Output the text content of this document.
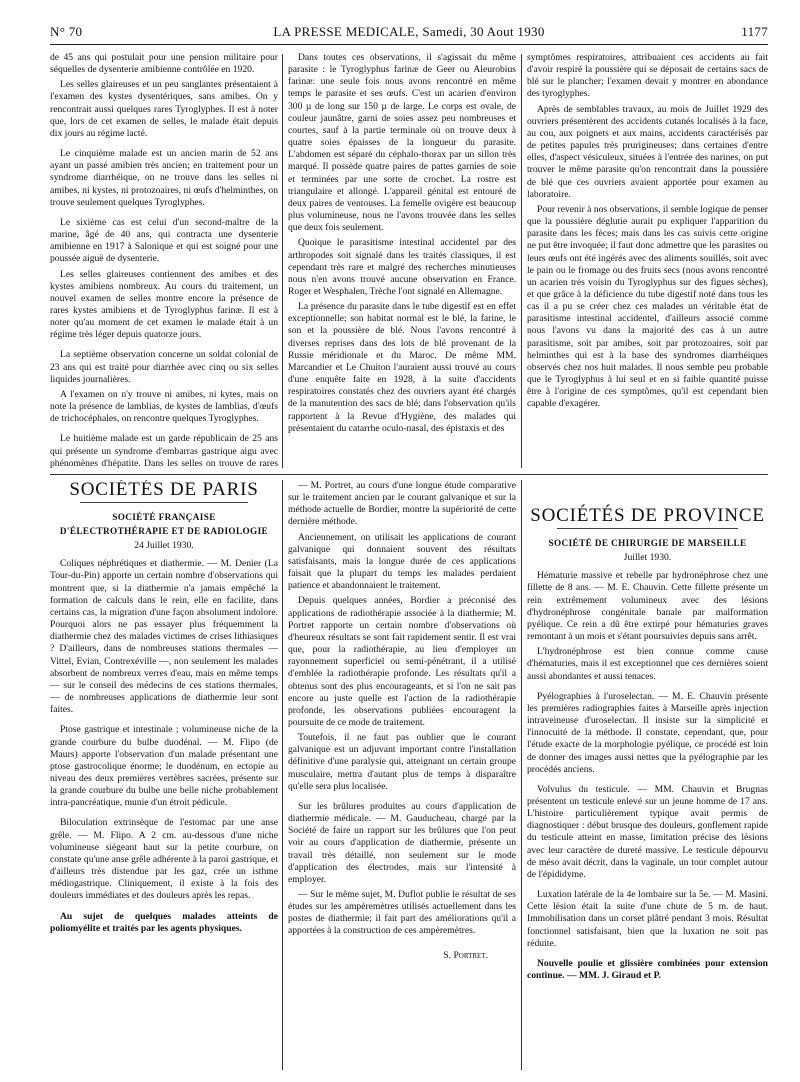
N° 70	LA PRESSE MEDICALE, Samedi, 30 Aout 1930	1177

de 45 ans qui postulait pour une pension militaire pour séquelles de dysenterie amibienne contrôlée en 1920.

Les selles glaireuses et un peu sanglantes présentaient à l'examen des kystes dysentériques, sans amibes. On y rencontrait aussi quelques rares Tyroglyphes. Il est à noter que, lors de cet examen de selles, le malade était depuis dix jours au régime lacté.

Le cinquième malade est un ancien marin de 52 ans ayant un passé amibien très ancien; en traitement pour un syndrome diarrhéique, on ne trouve dans les selles ni amibes, ni kystes, ni protozoaires, ni œufs d'helminthes, on trouve seulement quelques Tyroglyphes.

Le sixième cas est celui d'un second-maître de la marine, âgé de 40 ans, qui contracta une dysenterie amibienne en 1917 à Salonique et qui est soigné pour une poussée aiguë de dysenterie.

Les selles glaireuses contiennent des amibes et des kystes amibiens nombreux. Au cours du traitement, un nouvel examen de selles montre encore la présence de rares kystes amibiens et de Tyroglyphus farinæ. Il est à noter qu'au moment de cet examen le malade était à un régime très léger depuis quatorze jours.

La septième observation concerne un soldat colonial de 23 ans qui est traité pour diarrhée avec cinq ou six selles liquides journalières.

A l'examen on n'y trouve ni amibes, ni kytes, mais on note la présence de lamblias, de kystes de lamblias, d'œufs de trichocéphales, on rencontre quelques Tyroglyphes.

Le huitième malade est un garde républicain de 25 ans qui présente un syndrome d'embarras gastrique aigu avec phénomènes d'hépatite. Dans les selles on trouve de rares

Dans toutes ces observations, il s'agissait du même parasite : le Tyroglyphus farinæ de Geer ou Aleurobius farinæ: une seule fois nous avons rencontré en même temps le parasite et ses œufs. C'est un acarien d'environ 300 µ de long sur 150 µ de large. Le corps est ovale, de couleur jaunâtre, garni de soies assez peu nombreuses et courtes, sauf à la partie terminale où on trouve deux à quatre soies épaisses de la longueur du parasite. L'abdomen est séparé du céphalo-thorax par un sillon très marqué. Il possède quatre paires de pattes garnies de soie et terminées par une sorte de crochet. La rostre est triangulaire et allongé. L'appareil génital est entouré de deux paires de ventouses. La femelle ovigère est beaucoup plus volumineuse, nous ne l'avons trouvée dans les selles que deux fois seulement.

Quoique le parasitisme intestinal accidentel par des arthropodes soit signalé dans les traités classiques, il est cependant très rare et malgré des recherches minutieuses nous n'en avons trouvé aucune observation en France. Roger et Wesphalen, Trèche l'ont signalé en Allemagne.

La présence du parasite dans le tube digestif est en effet exceptionnelle; son habitat normal est le blé, la farine, le son et la poussière de blé. Nous l'avons rencontré à diverses reprises dans des lots de blé provenant de la Russie méridionale et du Maroc. De même MM. Marcandier et Le Chuiton l'auraient aussi trouvé au cours d'une enquête faite en 1928, à la suite d'accidents respiratoires constatés chez des ouvriers ayant été chargés de la manutention des sacs de blé; dans l'observation qu'ils rapportent à la Revue d'Hygiène, des malades qui présentaient du catarrhe oculo-nasal, des épistaxis et des

symptômes respiratoires, attribuaient ces accidents au fait d'avoir respiré la poussière qui se déposait de certains sacs de blé sur le plancher; l'examen devait y montrer en abondance des tyroglyphes.

Après de semblables travaux, au mois de Juillet 1929 des ouvriers présentèrent des accidents cutanés localisés à la face, au cou, aux poignets et aux mains, accidents caractérisés par de petites papules très prurigineuses; dans certaines d'entre elles, d'aspect vésiculeux, situées à l'entrée des narines, on put trouver le même parasite qu'on rencontrait dans la poussière de blé que ces ouvriers avaient apportée pour examen au laboratoire.

Pour revenir à nos observations, il semble logique de penser que la poussière déglutie aurait pu expliquer l'apparition du parasite dans les fèces; mais dans les cas suivis cette origine ne put être invoquée; il faut donc admettre que les parasites ou leurs œufs ont été ingérés avec des aliments souillés, soit avec le pain ou le fromage ou des fruits secs (nous avons rencontré un acarien très voisin du Tyroglyphus sur des figues sèches), et que grâce à la déficience du tube digestif noté dans tous les cas il a pu se créer chez ces malades un véritable état de parasitisme intestinal accidentel, d'ailleurs associé comme nous l'avons vu dans la majorité des cas à un autre parasitisme, soit par amibes, soit par protozoaires, soit par helminthes qui est à la base des syndromes diarrhéiques observés chez nos huit malades. Il nous semble peu probable que le Tyroglyphus à lui seul et en si faible quantité puisse être à l'origine de ces symptômes, qu'il est cependant bien capable d'exagérer.

SOCIÉTÉS DE PARIS
SOCIÉTÉ FRANÇAISE
D'ÉLECTROTHÉRAPIE ET DE RADIOLOGIE
24 Juillet 1930.

Coliques néphrétiques et diathermie. — M. Denier (La Tour-du-Pin) apporte un certain nombre d'observations qui montrent que, si la diathermie n'a jamais empêché la formation de calculs dans le rein, elle en facilite, dans certains cas, la migration d'une façon absolument indolore. Pourquoi alors ne pas essayer plus fréquemment la diathermie chez des malades victimes de crises lithiasiques ? D'ailleurs, dans de nombreuses stations thermales — Vittel, Evian, Contrexéville —, non seulement les malades absorbent de nombreux verres d'eau, mais en même temps — sur le conseil des médecins de ces stations thermales, — de nombreuses applications de diathermie leur sont faites.

Ptose gastrique et intestinale ; volumineuse niche de la grande courbure du bulbe duodénal. — M. Flipo (de Maurs) apporte l'observation d'un malade présentant une ptose gastrocolique énorme; le duodénum, en ectopie au niveau des deux premières vertèbres sacrées, présente sur la grande courbure du bulbe une belle niche probablement intra-pancréatique, munie d'un étroit pédicule.

Biloculation extrinsèque de l'estomac par une anse grêle. — M. Flipo. A 2 cm. au-dessous d'une niche volumineuse siégeant haut sur la petite courbure, on constate qu'une anse grêle adhérente à la paroi gastrique, et d'ailleurs très distendue par les gaz, crée un isthme médiogastrique. Cliniquement, il existe à la fois des douleurs immédiates et des douleurs après les repas.

Au sujet de quelques malades atteints de poliomyélite et traités par les agents physiques.

— M. Portret, au cours d'une longue étude comparative sur le traitement ancien par le courant galvanique et sur la méthode actuelle de Bordier, montre la supériorité de cette dernière méthode.

Anciennement, on utilisait les applications de courant galvanique qui donnaient souvent des résultats satisfaisants, mais la longue durée de ces applications faisait que la plupart du temps les malades perdaient patience et abandonnaient le traitement.

Depuis quelques années, Bordier a préconisé des applications de radiothérapie associée à la diathermie; M. Portret rapporte un certain nombre d'observations où d'heureux résultats se sont fait rapidement sentir. Il est vrai que, pour la radiothérapie, au lieu d'employer un rayonnement superficiel ou semi-pénétrant, il a utilisé d'emblée la radiothérapie profonde. Les résultats qu'il a obtenus sont des plus encourageants, et si l'on ne sait pas encore au juste quelle est l'action de la radiothérapie profonde, les observations publiées encouragent la poursuite de ce mode de traitement.

Toutefois, il ne faut pas oublier que le courant galvanique est un adjuvant important contre l'installation définitive d'une paralysie qui, atteignant un certain groupe musculaire, mettra d'autant plus de temps à disparaître qu'elle sera plus localisée.

Sur les brûlures produites au cours d'application de diathermie médicale. — M. Gauducheau, chargé par la Société de faire un rapport sur les brûlures que l'on peut voir au cours d'application de diathermie, présente un travail très détaillé, non seulement sur le mode d'application des électrodes, mais sur l'intensité à employer.

— Sur le même sujet, M. Duflot publie le résultat de ses études sur les ampèremètres utilisés actuellement dans les postes de diathermie; il fait part des améliorations qu'il a apportées à la construction de ces ampèremètres.

S. Portret.
SOCIÉTÉS DE PROVINCE
SOCIÉTÉ DE CHIRURGIE DE MARSEILLE
Juillet 1930.

Hématurie massive et rebelle par hydronéphrose chez une fillette de 8 ans. — M. E. Chauvin. Cette fillette présente un rein extrêmement volumineux avec des lésions d'hydronéphrose congénitale banale par malformation pyélique. Ce rein a dû être extirpé pour hématuries graves remontant à un mois et s'étant poursuivies depuis sans arrêt.

L'hydronéphrose est bien connue comme cause d'hématuries, mais il est exceptionnel que ces dernières soient aussi abondantes et aussi tenaces.

Pyélographies à l'uroselectan. — M. E. Chauvin présente les premières radiographies faites à Marseille après injection intraveineuse d'uroselectan. Il insiste sur la simplicité et l'innocuité de la méthode. Il constate, cependant, que, pour l'étude exacte de la morphologie pyélique, ce procédé est loin de donner des images aussi nettes que la pyélographie par les procédés anciens.

Volvulus du testicule. — MM. Chauvin et Brugnas présentent un testicule enlevé sur un jeune homme de 17 ans. L'histoire particulièrement typique avait permis de diagnostiquer : début brusque des douleurs, gonflement rapide du testicule atteint en masse, limitation précise des lésions avec leur caractère de dureté massive. Le testicule dépourvu de méso avait décrit, dans la vaginale, un tour complet autour de l'épididyme.

Luxation latérale de la 4e lombaire sur la 5e. — M. Masini. Cette lésion était la suite d'une chute de 5 m. de haut. Immobilisation dans un corset plâtré pendant 3 mois. Résultat fonctionnel satisfaisant, bien que la luxation ne soit pas réduite.

Nouvelle poulie et glissière combinées pour extension continue. — MM. J. Giraud et P.
